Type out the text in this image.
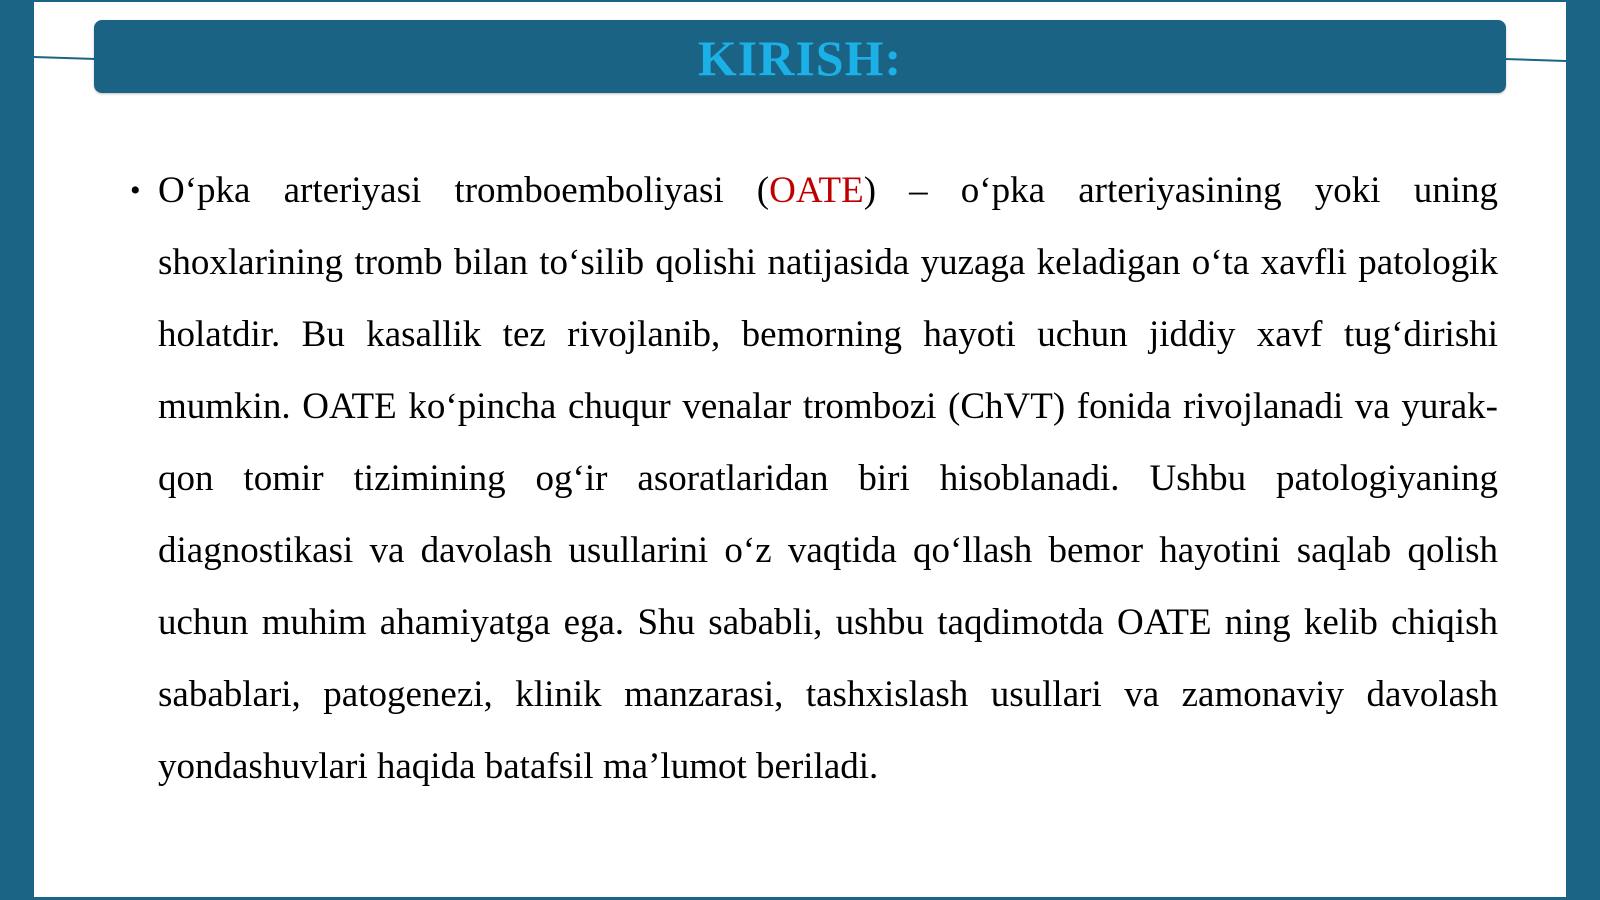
KIRISH:
• O‘pka arteriyasi tromboemboliyasi (OATE) – o‘pka arteriyasining yoki uning shoxlarining tromb bilan to‘silib qolishi natijasida yuzaga keladigan o‘ta xavfli patologik holatdir. Bu kasallik tez rivojlanib, bemorning hayoti uchun jiddiy xavf tug‘dirishi mumkin. OATE ko‘pincha chuqur venalar trombozi (ChVT) fonida rivojlanadi va yurak-qon tomir tizimining og‘ir asoratlaridan biri hisoblanadi. Ushbu patologiyaning diagnostikasi va davolash usullarini o‘z vaqtida qo‘llash bemor hayotini saqlab qolish uchun muhim ahamiyatga ega. Shu sababli, ushbu taqdimotda OATE ning kelib chiqish sabablari, patogenezi, klinik manzarasi, tashxislash usullari va zamonaviy davolash yondashuvlari haqida batafsil ma’lumot beriladi.
